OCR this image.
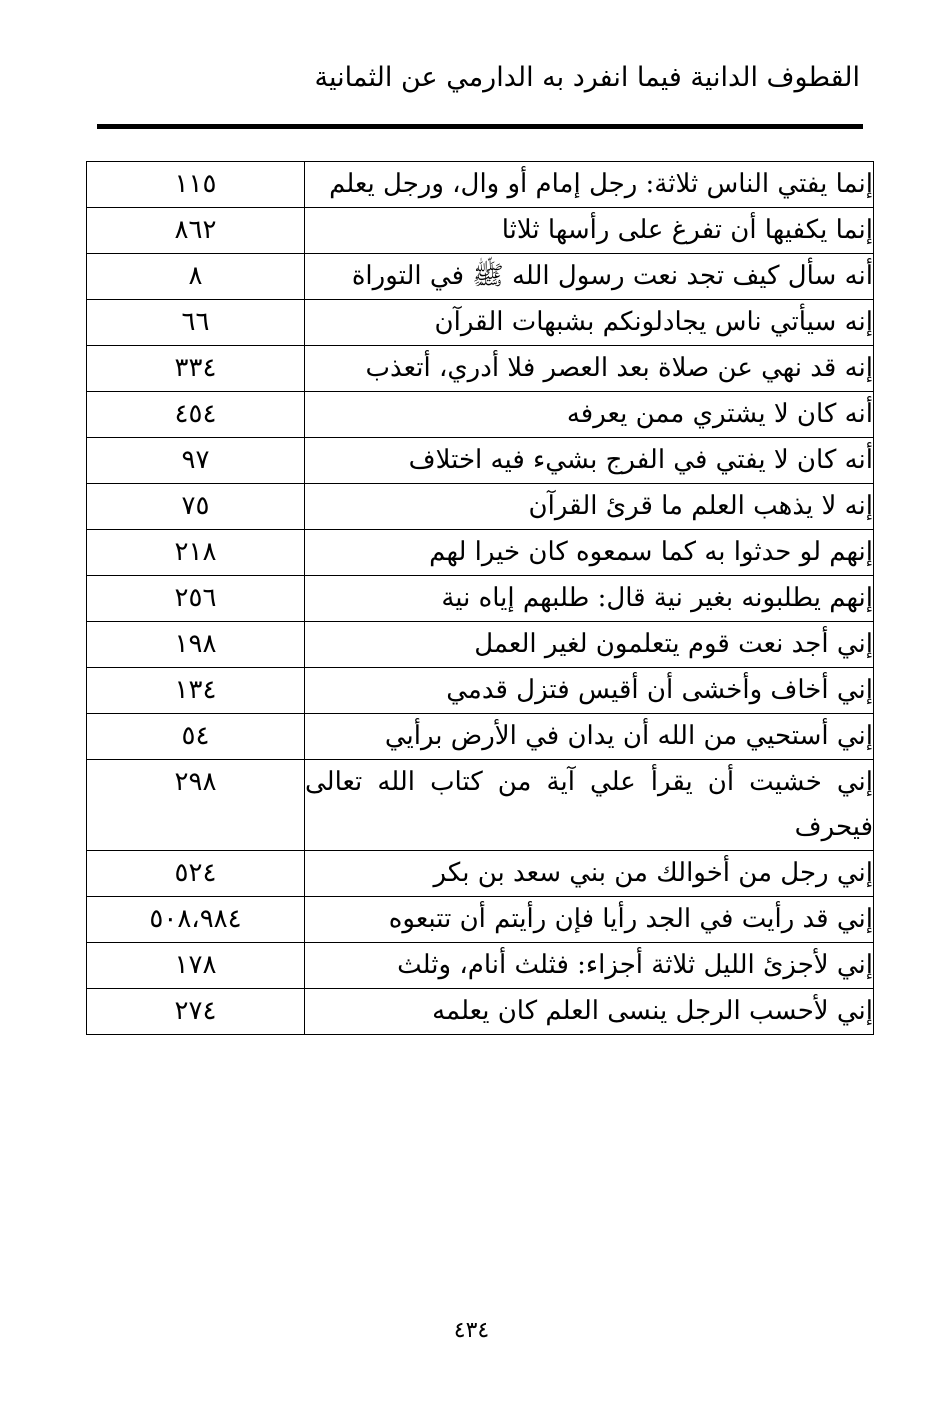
القطوف الدانية فيما انفرد به الدارمي عن الثمانية
إنما يفتي الناس ثلاثة: رجل إمام أو وال، ورجل يعلم	١١٥
إنما يكفيها أن تفرغ على رأسها ثلاثا	٨٦٢
أنه سأل كيف تجد نعت رسول الله ﷺ في التوراة	٨
إنه سيأتي ناس يجادلونكم بشبهات القرآن	٦٦
إنه قد نهي عن صلاة بعد العصر فلا أدري، أتعذب	٣٣٤
أنه كان لا يشتري ممن يعرفه	٤٥٤
أنه كان لا يفتي في الفرج بشيء فيه اختلاف	٩٧
إنه لا يذهب العلم ما قرئ القرآن	٧٥
إنهم لو حدثوا به كما سمعوه كان خيرا لهم	٢١٨
إنهم يطلبونه بغير نية قال: طلبهم إياه نية	٢٥٦
إني أجد نعت قوم يتعلمون لغير العمل	١٩٨
إني أخاف وأخشى أن أقيس فتزل قدمي	١٣٤
إني أستحيي من الله أن يدان في الأرض برأيي	٥٤
إني خشيت أن يقرأ علي آية من كتاب الله تعالى فيحرف	٢٩٨
إني رجل من أخوالك من بني سعد بن بكر	٥٢٤
إني قد رأيت في الجد رأيا فإن رأيتم أن تتبعوه	٥٠٨،٩٨٤
إني لأجزئ الليل ثلاثة أجزاء: فثلث أنام، وثلث	١٧٨
إني لأحسب الرجل ينسى العلم كان يعلمه	٢٧٤
٤٣٤
